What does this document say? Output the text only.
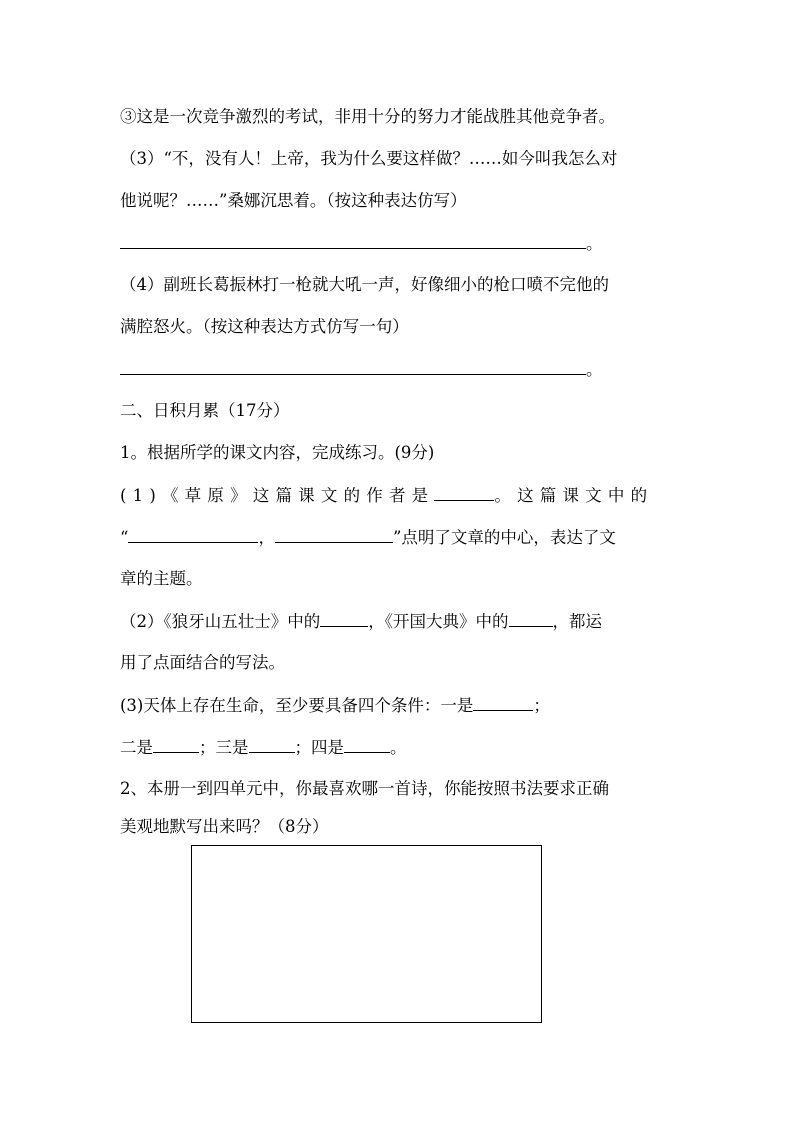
③这是一次竞争激烈的考试，非用十分的努力才能战胜其他竞争者。
（3）“不，没有人！上帝，我为什么要这样做？……如今叫我怎么对
他说呢？……”桑娜沉思着。（按这种表达仿写）
。
（4）副班长葛振林打一枪就大吼一声，好像细小的枪口喷不完他的
满腔怒火。（按这种表达方式仿写一句）
。
二、日积月累（17分）
1。根据所学的课文内容，完成练习。(9分)
(1)《草原》这篇课文的作者是	。这篇课文中的
“	，	”点明了文章的中心，表达了文
章的主题。
（2）《狼牙山五壮士》中的	，《开国大典》中的	，都运
用了点面结合的写法。
(3)天体上存在生命，至少要具备四个条件：一是	；
二是	；三是	；四是	。
2、本册一到四单元中，你最喜欢哪一首诗，你能按照书法要求正确
美观地默写出来吗？（8分）
